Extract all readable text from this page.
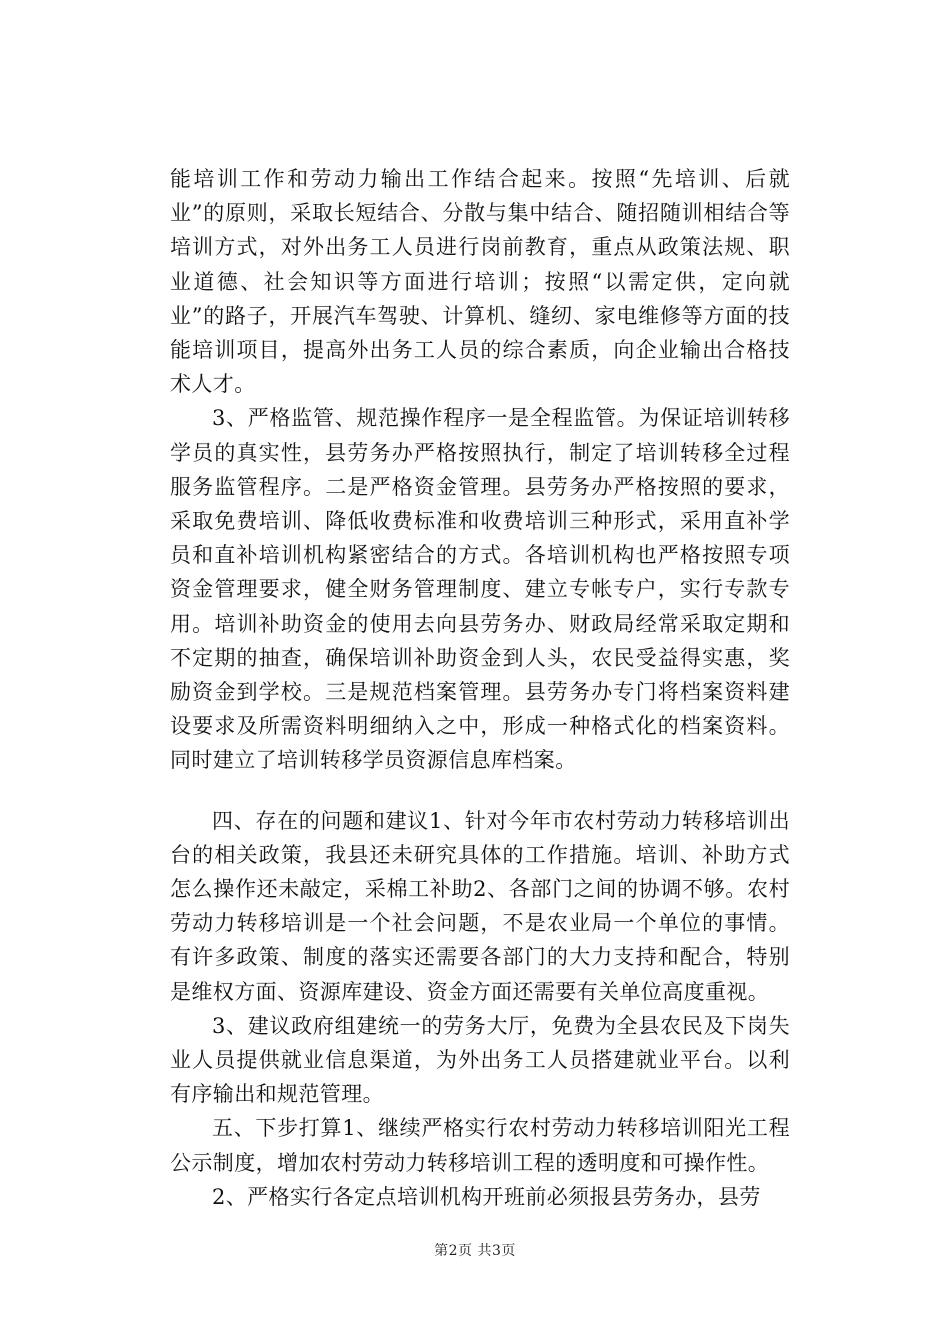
能培训工作和劳动力输出工作结合起来。按照“先培训、后就业”的原则，采取长短结合、分散与集中结合、随招随训相结合等培训方式，对外出务工人员进行岗前教育，重点从政策法规、职业道德、社会知识等方面进行培训；按照“以需定供，定向就业”的路子，开展汽车驾驶、计算机、缝纫、家电维修等方面的技能培训项目，提高外出务工人员的综合素质，向企业输出合格技术人才。

3、严格监管、规范操作程序一是全程监管。为保证培训转移学员的真实性，县劳务办严格按照执行，制定了培训转移全过程服务监管程序。二是严格资金管理。县劳务办严格按照的要求，采取免费培训、降低收费标准和收费培训三种形式，采用直补学员和直补培训机构紧密结合的方式。各培训机构也严格按照专项资金管理要求，健全财务管理制度、建立专帐专户，实行专款专用。培训补助资金的使用去向县劳务办、财政局经常采取定期和不定期的抽查，确保培训补助资金到人头，农民受益得实惠，奖励资金到学校。三是规范档案管理。县劳务办专门将档案资料建设要求及所需资料明细纳入之中，形成一种格式化的档案资料。同时建立了培训转移学员资源信息库档案。

四、存在的问题和建议1、针对今年市农村劳动力转移培训出台的相关政策，我县还未研究具体的工作措施。培训、补助方式怎么操作还未敲定，采棉工补助2、各部门之间的协调不够。农村劳动力转移培训是一个社会问题，不是农业局一个单位的事情。有许多政策、制度的落实还需要各部门的大力支持和配合，特别是维权方面、资源库建设、资金方面还需要有关单位高度重视。

3、建议政府组建统一的劳务大厅，免费为全县农民及下岗失业人员提供就业信息渠道，为外出务工人员搭建就业平台。以利有序输出和规范管理。

五、下步打算1、继续严格实行农村劳动力转移培训阳光工程公示制度，增加农村劳动力转移培训工程的透明度和可操作性。

2、严格实行各定点培训机构开班前必须报县劳务办，县劳

第2页 共3页
